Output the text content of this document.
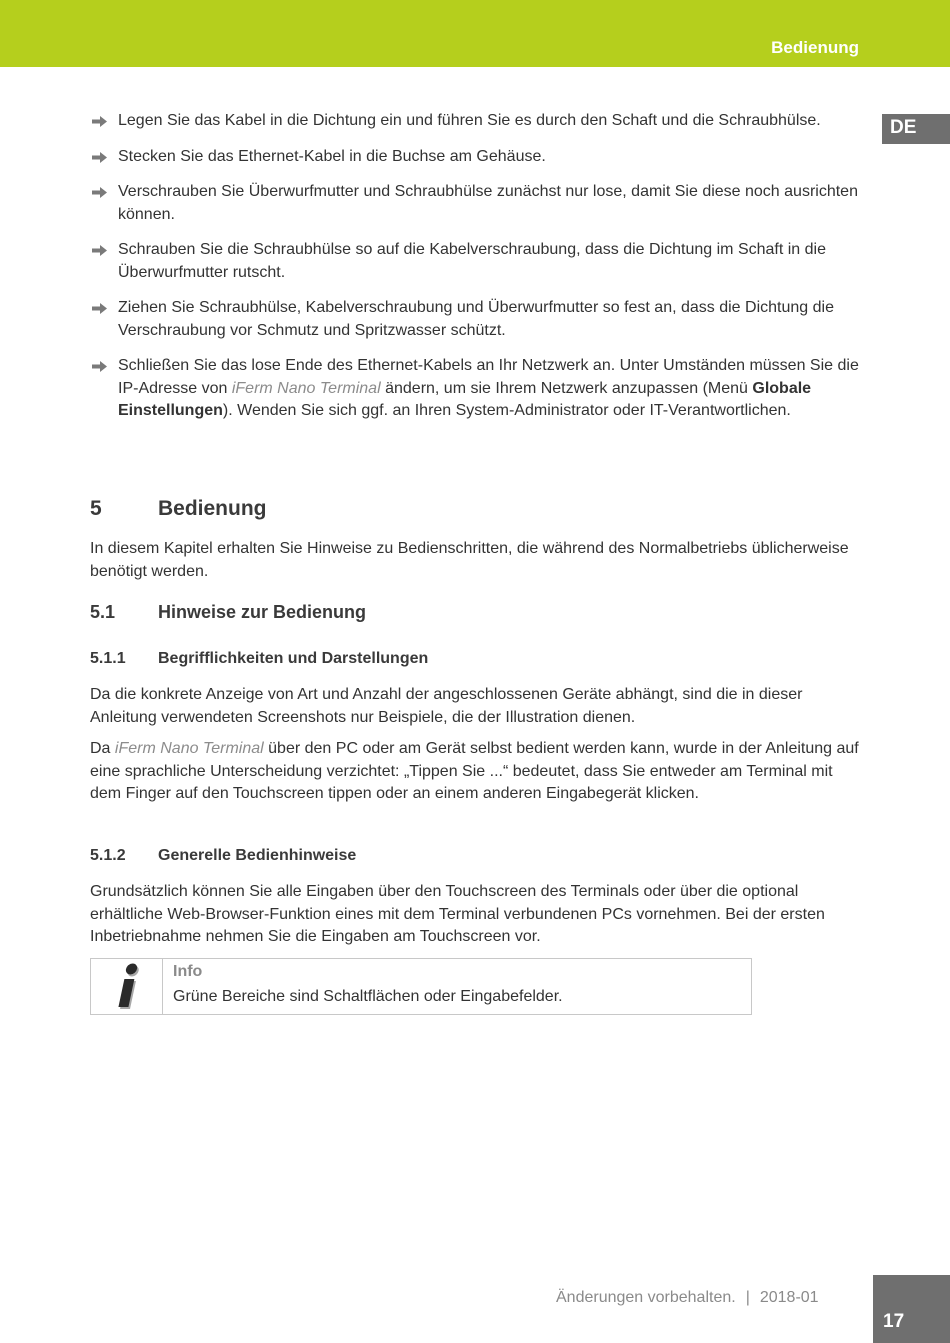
Bedienung
DE
Legen Sie das Kabel in die Dichtung ein und führen Sie es durch den Schaft und die Schraubhülse.
Stecken Sie das Ethernet-Kabel in die Buchse am Gehäuse.
Verschrauben Sie Überwurfmutter und Schraubhülse zunächst nur lose, damit Sie diese noch ausrichten können.
Schrauben Sie die Schraubhülse so auf die Kabelverschraubung, dass die Dichtung im Schaft in die Überwurfmutter rutscht.
Ziehen Sie Schraubhülse, Kabelverschraubung und Überwurfmutter so fest an, dass die Dichtung die Verschraubung vor Schmutz und Spritzwasser schützt.
Schließen Sie das lose Ende des Ethernet-Kabels an Ihr Netzwerk an. Unter Umständen müssen Sie die IP-Adresse von iFerm Nano Terminal ändern, um sie Ihrem Netzwerk anzupassen (Menü Globale Einstellungen). Wenden Sie sich ggf. an Ihren System-Administrator oder IT-Verantwortlichen.
5	Bedienung

In diesem Kapitel erhalten Sie Hinweise zu Bedienschritten, die während des Normalbetriebs üblicherweise benötigt werden.

5.1 Hinweise zur Bedienung
5.1.1 Begrifflichkeiten und Darstellungen

Da die konkrete Anzeige von Art und Anzahl der angeschlossenen Geräte abhängt, sind die in dieser Anleitung verwendeten Screenshots nur Beispiele, die der Illustration dienen.

Da iFerm Nano Terminal über den PC oder am Gerät selbst bedient werden kann, wurde in der Anleitung auf eine sprachliche Unterscheidung verzichtet: „Tippen Sie ...“ bedeutet, dass Sie entweder am Terminal mit dem Finger auf den Touchscreen tippen oder an einem anderen Eingabegerät klicken.

5.1.2 Generelle Bedienhinweise

Grundsätzlich können Sie alle Eingaben über den Touchscreen des Terminals oder über die optional erhältliche Web-Browser-Funktion eines mit dem Terminal verbundenen PCs vornehmen. Bei der ersten Inbetriebnahme nehmen Sie die Eingaben am Touchscreen vor.

Info
Grüne Bereiche sind Schaltflächen oder Eingabefelder.
Änderungen vorbehalten. | 2018-01
17
